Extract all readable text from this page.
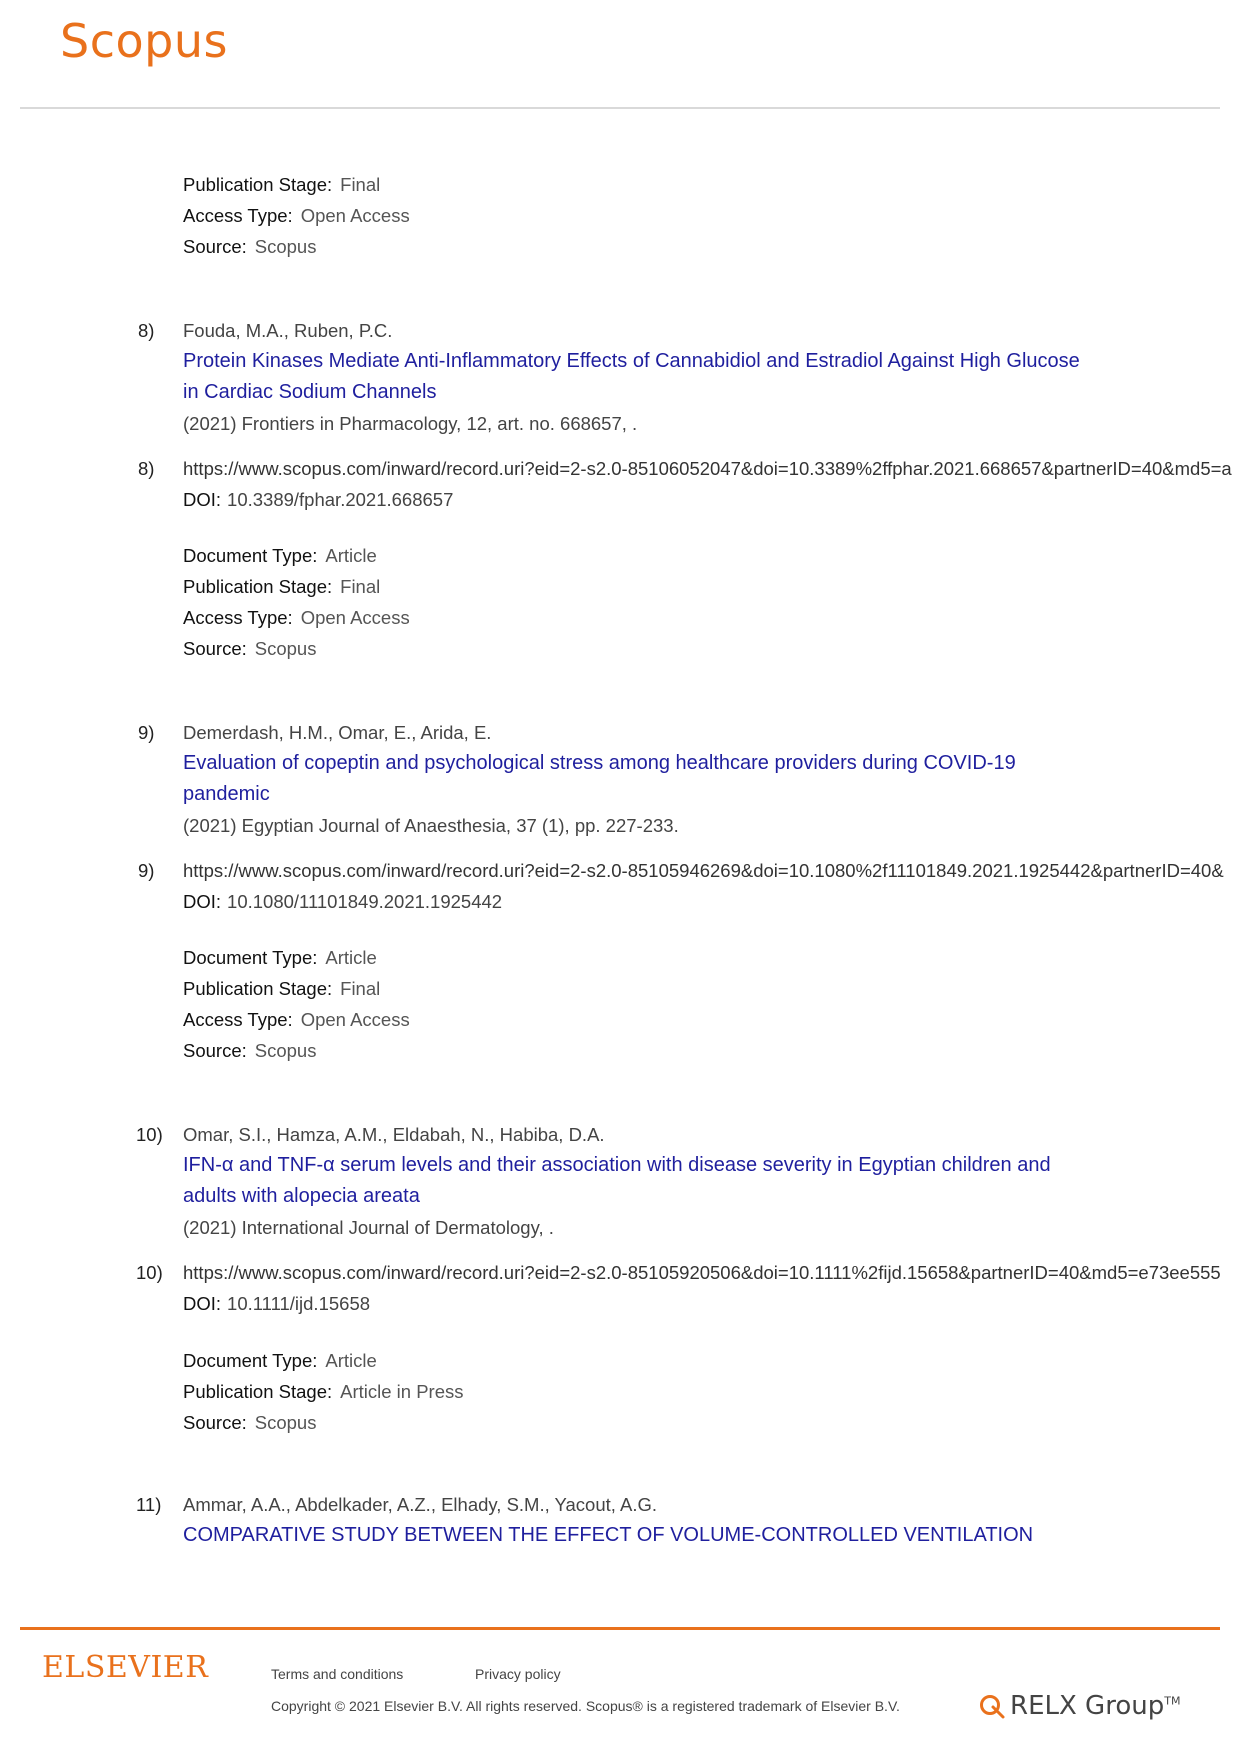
Scopus
Publication Stage: Final
Access Type: Open Access
Source: Scopus
8) Fouda, M.A., Ruben, P.C.
Protein Kinases Mediate Anti-Inflammatory Effects of Cannabidiol and Estradiol Against High Glucose
in Cardiac Sodium Channels
(2021) Frontiers in Pharmacology, 12, art. no. 668657, .
8) https://www.scopus.com/inward/record.uri?eid=2-s2.0-85106052047&doi=10.3389%2ffphar.2021.668657&partnerID=40&md5=a
DOI: 10.3389/fphar.2021.668657
Document Type: Article
Publication Stage: Final
Access Type: Open Access
Source: Scopus
9) Demerdash, H.M., Omar, E., Arida, E.
Evaluation of copeptin and psychological stress among healthcare providers during COVID-19
pandemic
(2021) Egyptian Journal of Anaesthesia, 37 (1), pp. 227-233.
9) https://www.scopus.com/inward/record.uri?eid=2-s2.0-85105946269&doi=10.1080%2f11101849.2021.1925442&partnerID=40&
DOI: 10.1080/11101849.2021.1925442
Document Type: Article
Publication Stage: Final
Access Type: Open Access
Source: Scopus
10) Omar, S.I., Hamza, A.M., Eldabah, N., Habiba, D.A.
IFN-α and TNF-α serum levels and their association with disease severity in Egyptian children and
adults with alopecia areata
(2021) International Journal of Dermatology, .
10) https://www.scopus.com/inward/record.uri?eid=2-s2.0-85105920506&doi=10.1111%2fijd.15658&partnerID=40&md5=e73ee555
DOI: 10.1111/ijd.15658
Document Type: Article
Publication Stage: Article in Press
Source: Scopus
11) Ammar, A.A., Abdelkader, A.Z., Elhady, S.M., Yacout, A.G.
COMPARATIVE STUDY BETWEEN THE EFFECT OF VOLUME-CONTROLLED VENTILATION
ELSEVIER	Terms and conditions	Privacy policy
Copyright © 2021 Elsevier B.V. All rights reserved. Scopus® is a registered trademark of Elsevier B.V.	RELX Group™
